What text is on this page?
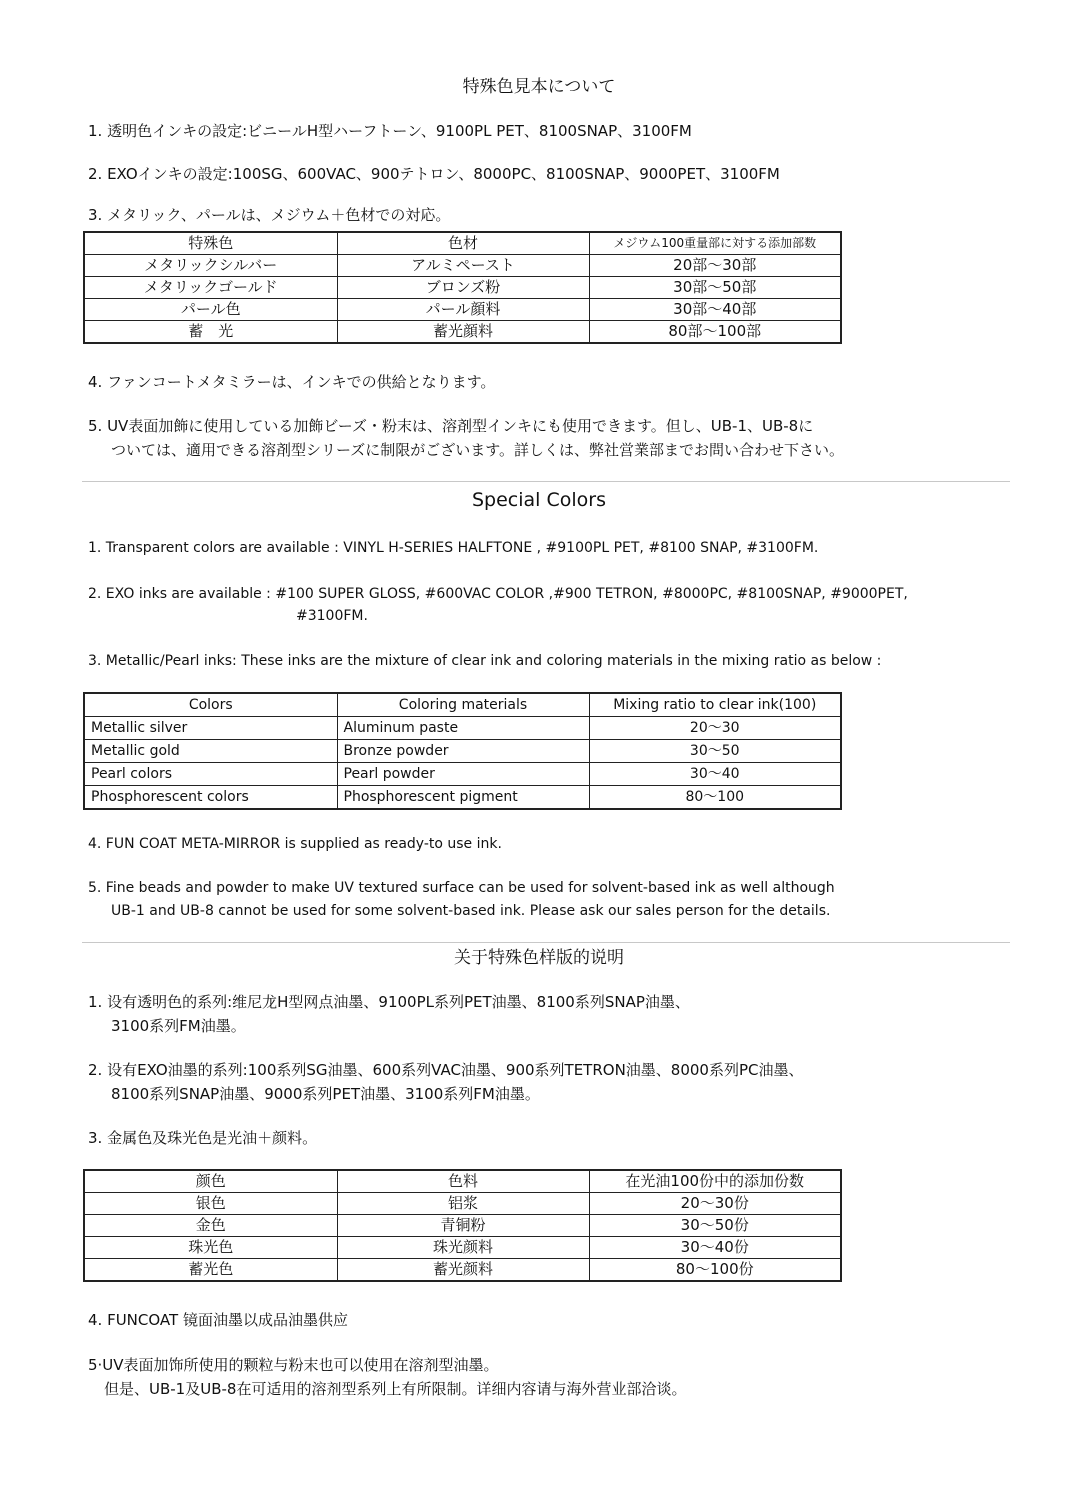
特殊色見本について
1. 透明色インキの設定:ビニールH型ハーフトーン、9100PL PET、8100SNAP、3100FM
2. EXOインキの設定:100SG、600VAC、900テトロン、8000PC、8100SNAP、9000PET、3100FM
3. メタリック、パールは、メジウム＋色材での対応。
特殊色	色材	メジウム100重量部に対する添加部数
メタリックシルバー	アルミペースト	20部～30部
メタリックゴールド	ブロンズ粉	30部～50部
パール色	パール顔料	30部～40部
蓄　光	蓄光顔料	80部～100部
4. ファンコートメタミラーは、インキでの供給となります。
5. UV表面加飾に使用している加飾ビーズ・粉末は、溶剤型インキにも使用できます。但し、UB-1、UB-8に
ついては、適用できる溶剤型シリーズに制限がございます。詳しくは、弊社営業部までお問い合わせ下さい。
Special Colors
1. Transparent colors are available : VINYL H-SERIES HALFTONE , #9100PL PET, #8100 SNAP, #3100FM.
2. EXO inks are available : #100 SUPER GLOSS, #600VAC COLOR ,#900 TETRON, #8000PC, #8100SNAP, #9000PET,
#3100FM.
3. Metallic/Pearl inks: These inks are the mixture of clear ink and coloring materials in the mixing ratio as below :
Colors	Coloring materials	Mixing ratio to clear ink(100)
Metallic silver	Aluminum paste	20～30
Metallic gold	Bronze powder	30～50
Pearl colors	Pearl powder	30～40
Phosphorescent colors	Phosphorescent pigment	80～100
4. FUN COAT META-MIRROR is supplied as ready-to use ink.
5. Fine beads and powder to make UV textured surface can be used for solvent-based ink as well although
UB-1 and UB-8 cannot be used for some solvent-based ink. Please ask our sales person for the details.
关于特殊色样版的说明
1. 设有透明色的系列:维尼龙H型网点油墨、9100PL系列PET油墨、8100系列SNAP油墨、
3100系列FM油墨。
2. 设有EXO油墨的系列:100系列SG油墨、600系列VAC油墨、900系列TETRON油墨、8000系列PC油墨、
8100系列SNAP油墨、9000系列PET油墨、3100系列FM油墨。
3. 金属色及珠光色是光油＋颜料。
颜色	色料	在光油100份中的添加份数
银色	铝浆	20～30份
金色	青铜粉	30～50份
珠光色	珠光颜料	30～40份
蓄光色	蓄光颜料	80～100份
4. FUNCOAT 镜面油墨以成品油墨供应
5·UV表面加饰所使用的颗粒与粉末也可以使用在溶剂型油墨。
但是、UB-1及UB-8在可适用的溶剂型系列上有所限制。详细内容请与海外营业部洽谈。
